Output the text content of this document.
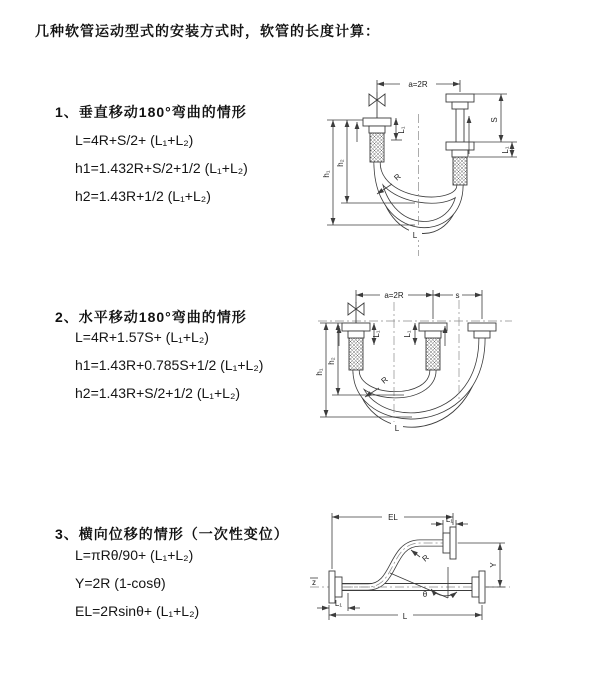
几种软管运动型式的安装方式时，软管的长度计算：
1、垂直移动180°弯曲的情形
L=4R+S/2+ (L₁+L₂)
h1=1.432R+S/2+1/2 (L₁+L₂)
h2=1.43R+1/2 (L₁+L₂)
a=2R
S
L₁
L₁
h₂
h₁	R
L
2、水平移动180°弯曲的情形
L=4R+1.57S+ (L₁+L₂)
h1=1.43R+0.785S+1/2 (L₁+L₂)
h2=1.43R+S/2+1/2 (L₁+L₂)
a=2R	s
L₁	L₁
h₂
h₁
R
L
3、横向位移的情形（一次性变位）
L=πRθ/90+ (L₁+L₂)
Y=2R (1-cosθ)
EL=2Rsinθ+ (L₁+L₂)
EL	L₁
Y
R
θ
L
z
L₁
